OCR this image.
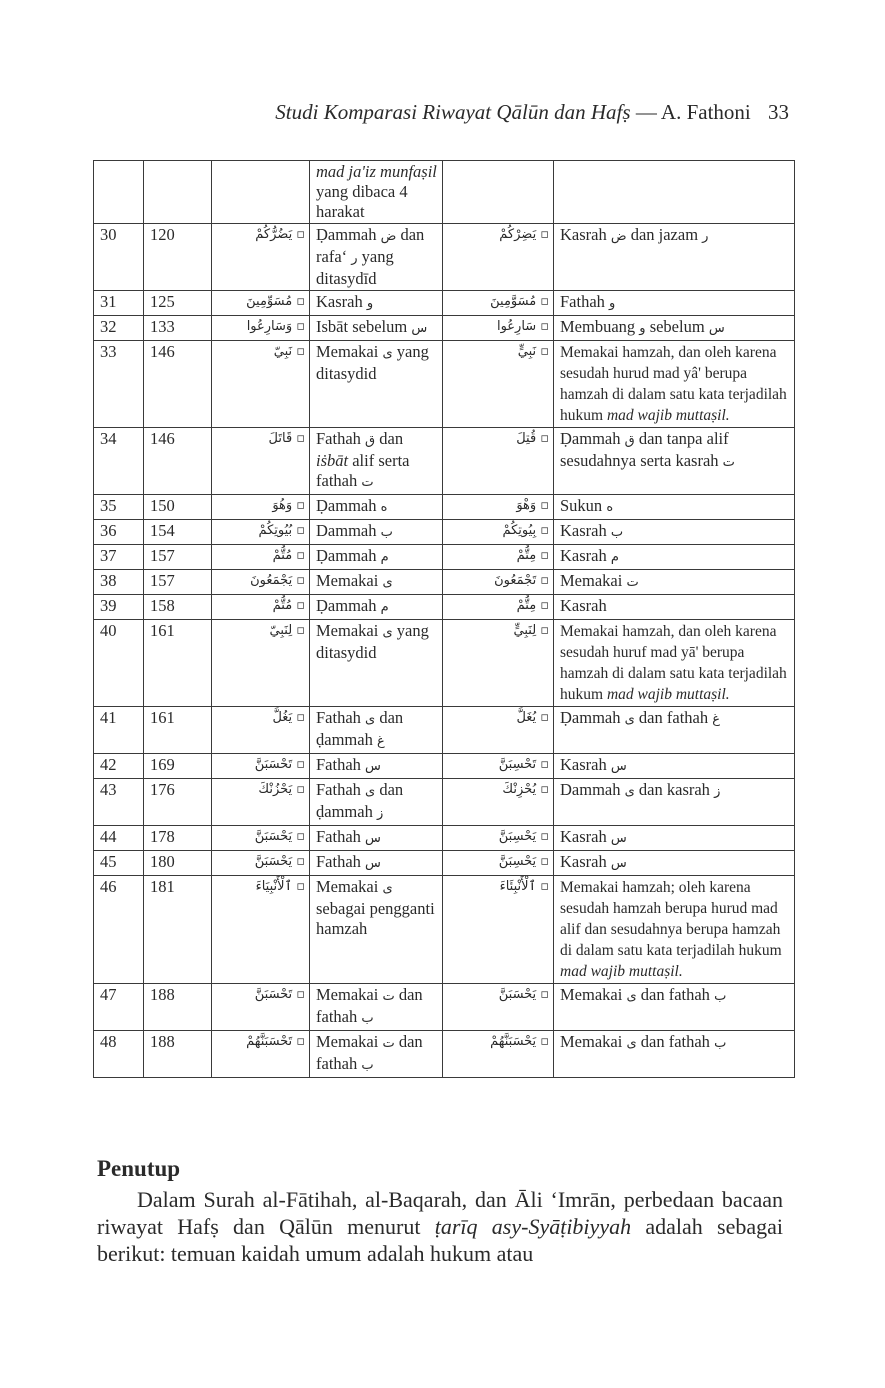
Studi Komparasi Riwayat Qālūn dan Hafṣ — A. Fathoni 33
			mad ja'iz munfaṣil yang dibaca 4 harakat		
30	120	▫يَضُرُّكُمْ	Ḍammah ض dan rafa‘ ر yang ditasydīd	▫يَضِرْكُمْ	Kasrah ض dan jazam ر
31	125	▫مُسَوِّمِينَ	Kasrah و	▫مُسَوَّمِينَ	Fathah و
32	133	▫وَسَارِعُوا	Isbāt sebelum س	▫سَارِعُوا	Membuang و sebelum س
33	146	▫نَبِيّ	Memakai ى yang ditasydid	▫نَبِيٍّ	Memakai hamzah, dan oleh karena sesudah hurud mad yâ' berupa hamzah di dalam satu kata terjadilah hukum mad wajib muttaṣil.
34	146	▫قَاتَلَ	Fathah ق dan iṡbāt alif serta fathah ت	▫قُتِلَ	Ḍammah ق dan tanpa alif sesudahnya serta kasrah ت
35	150	▫وَهُوَ	Ḍammah ه	▫وَهْوَ	Sukun ه
36	154	▫بُيُوتِكُمْ	Dammah ب	▫بِيُوتِكُمْ	Kasrah ب
37	157	▫مُتُّمْ	Ḍammah م	▫مِتُّمْ	Kasrah م
38	157	▫يَجْمَعُونَ	Memakai ى	▫تَجْمَعُونَ	Memakai ت
39	158	▫مُتُّمْ	Ḍammah م	▫مِتُّمْ	Kasrah
40	161	▫لِنَبِيّ	Memakai ى yang ditasydid	▫لِنَبِيٍّ	Memakai hamzah, dan oleh karena sesudah huruf mad yā' berupa hamzah di dalam satu kata terjadilah hukum mad wajib muttaṣil.
41	161	▫يَغُلَّ	Fathah ى dan ḍammah غ	▫يُغَلَّ	Ḍammah ى dan fathah غ
42	169	▫تَحْسَبَنَّ	Fathah س	▫تَحْسِبَنَّ	Kasrah س
43	176	▫يَحْزُنْكَ	Fathah ى dan ḍammah ز	▫يُحْزِنْكَ	Dammah ى dan kasrah ز
44	178	▫يَحْسَبَنَّ	Fathah س	▫يَحْسِبَنَّ	Kasrah س
45	180	▫يَحْسَبَنَّ	Fathah س	▫يَحْسِبَنَّ	Kasrah س
46	181	▫ٱلْأَنْبِيَاءَ	Memakai ى sebagai pengganti hamzah	▫ٱلْأَنْبِئَاءَ	Memakai hamzah; oleh karena sesudah hamzah berupa hurud mad alif dan sesudahnya berupa hamzah di dalam satu kata terjadilah hukum mad wajib muttaṣil.
47	188	▫تَحْسَبَنَّ	Memakai ت dan fathah ب	▫يَحْسَبَنَّ	Memakai ى dan fathah ب
48	188	▫تَحْسَبَنَّهُمْ	Memakai ت dan fathah ب	▫يَحْسَبَنَّهُمْ	Memakai ى dan fathah ب
Penutup
Dalam Surah al-Fātihah, al-Baqarah, dan Āli ‘Imrān, perbedaan bacaan riwayat Hafṣ dan Qālūn menurut ṭarīq asy-Syāṭibiyyah adalah sebagai berikut: temuan kaidah umum adalah hukum atau
